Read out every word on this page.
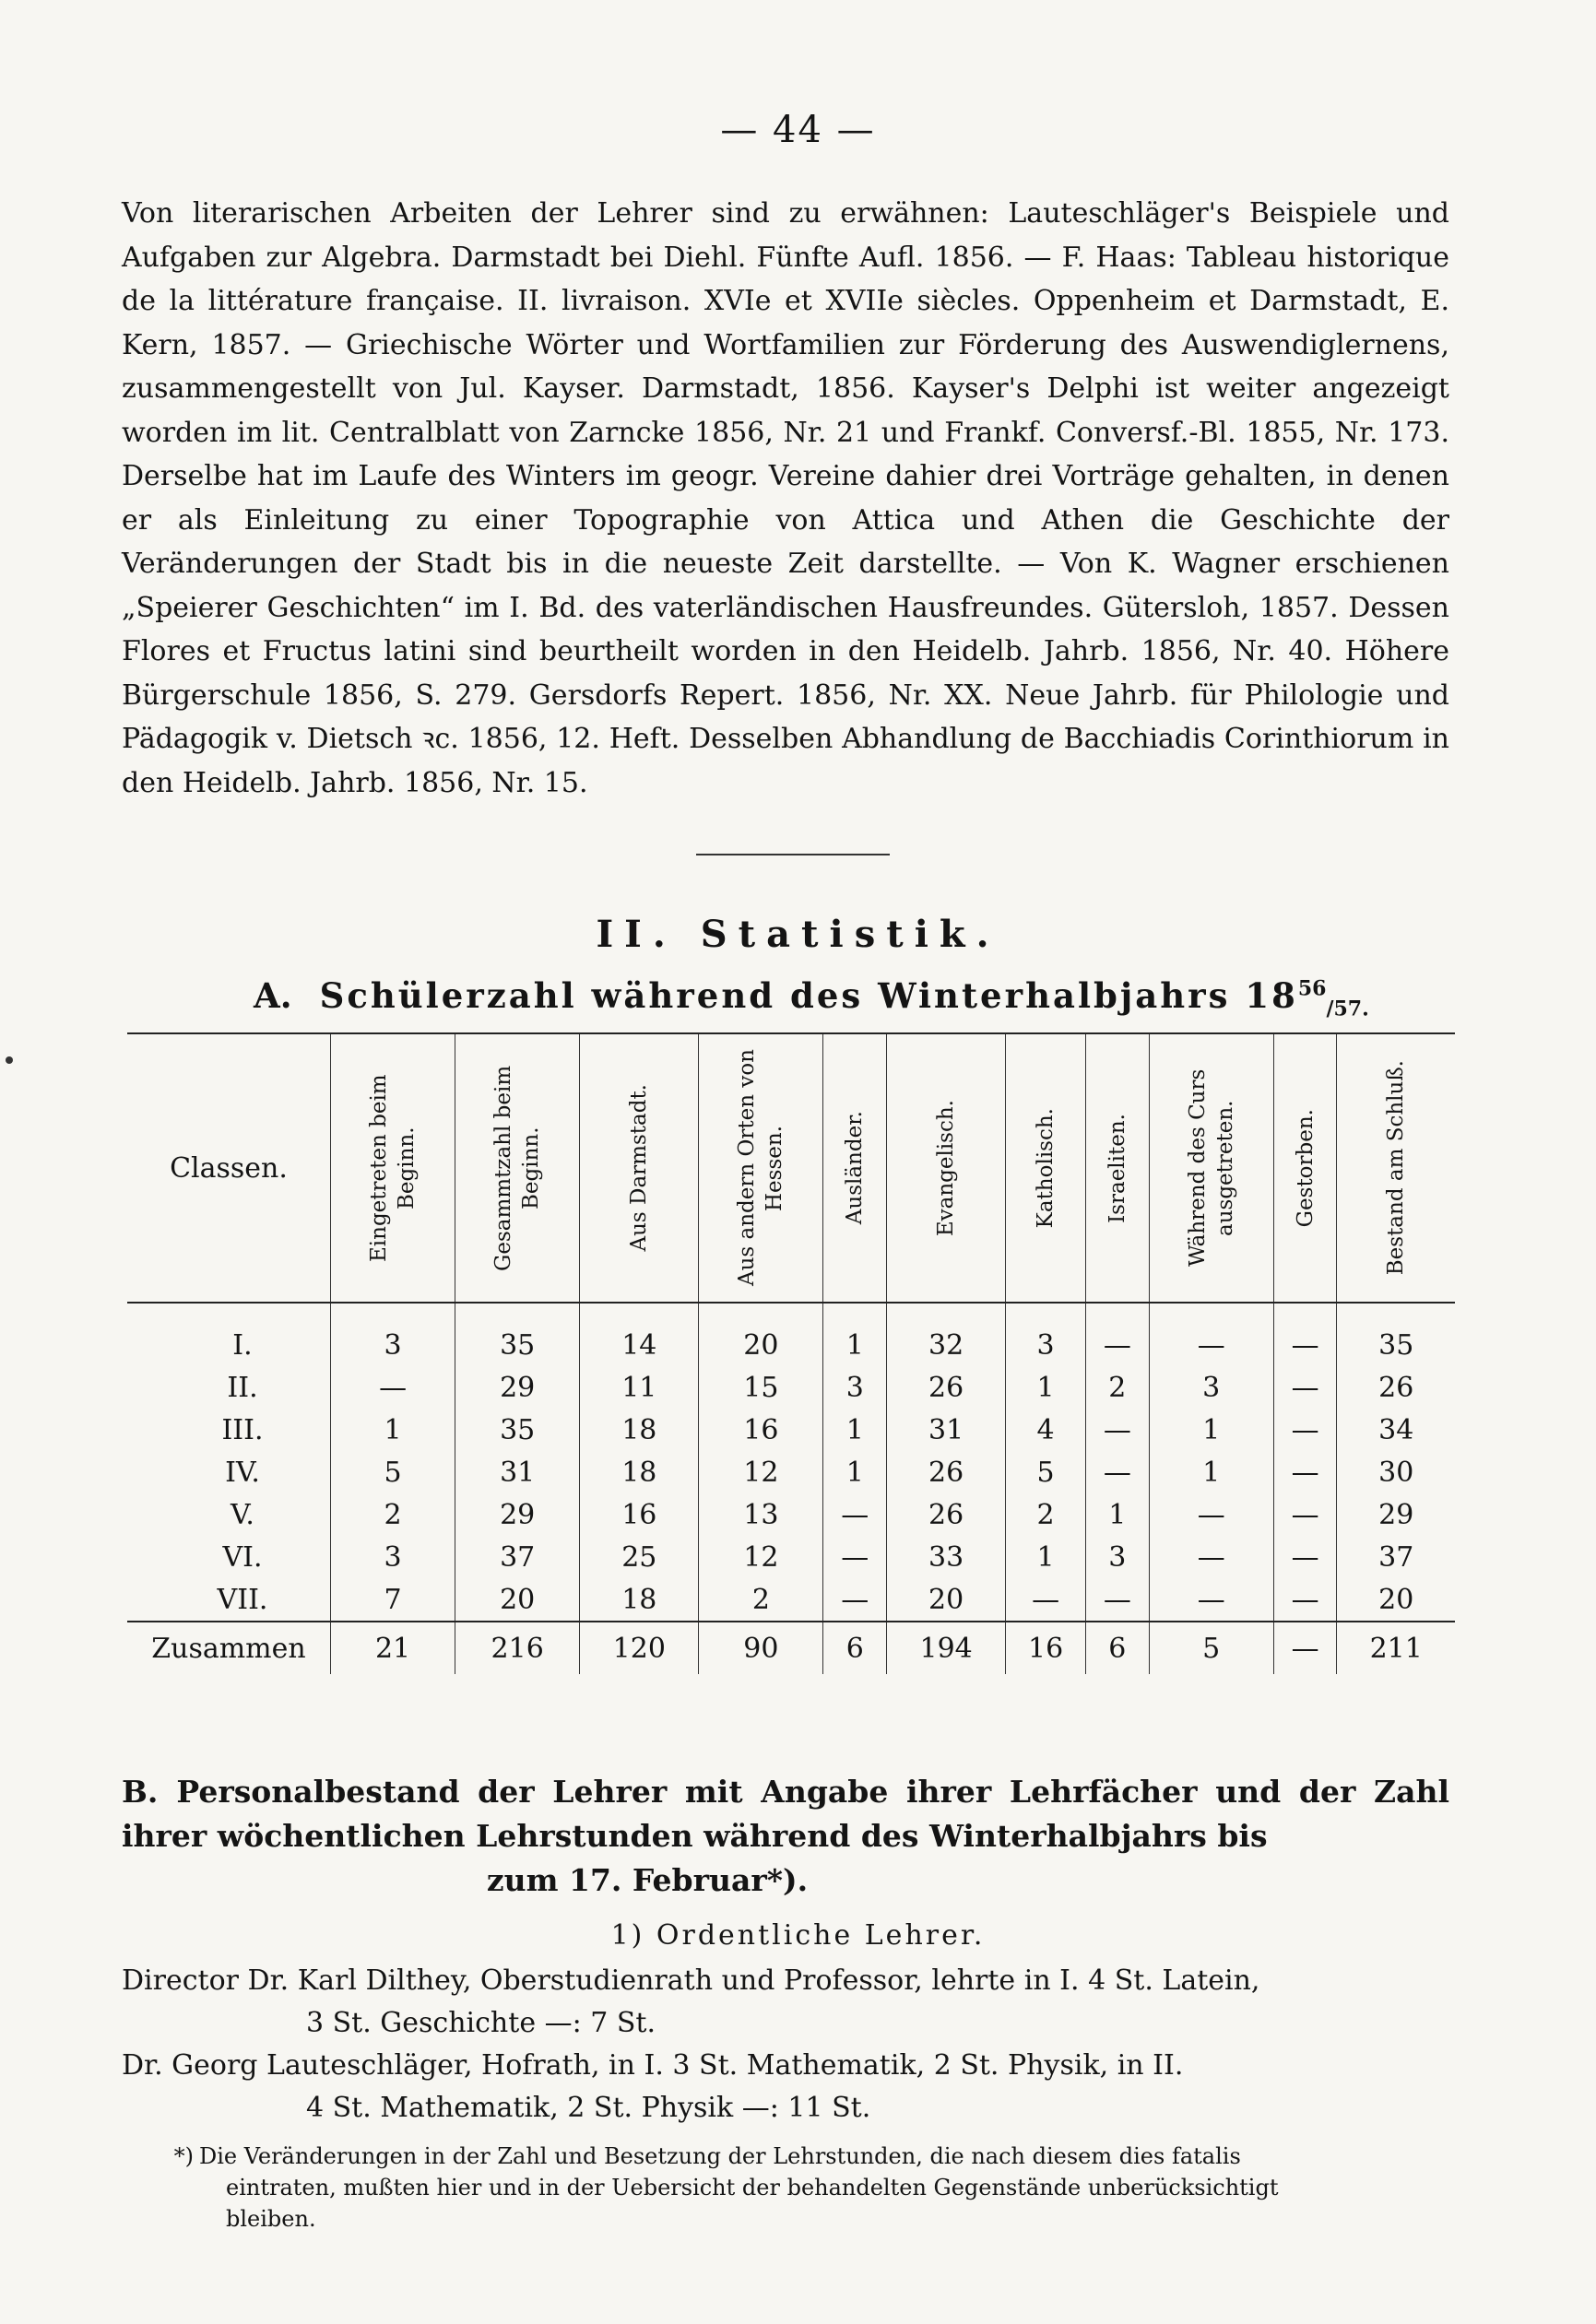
— 44 —

Von literarischen Arbeiten der Lehrer sind zu erwähnen: Lauteschläger's Beispiele und Aufgaben zur Algebra. Darmstadt bei Diehl. Fünfte Aufl. 1856. — F. Haas: Tableau historique de la littérature française. II. livraison. XVIe et XVIIe siècles. Oppenheim et Darmstadt, E. Kern, 1857. — Griechische Wörter und Wortfamilien zur Förderung des Auswendiglernens, zusammengestellt von Jul. Kayser. Darmstadt, 1856. Kayser's Delphi ist weiter angezeigt worden im lit. Centralblatt von Zarncke 1856, Nr. 21 und Frankf. Conversf.-Bl. 1855, Nr. 173. Derselbe hat im Laufe des Winters im geogr. Vereine dahier drei Vorträge gehalten, in denen er als Einleitung zu einer Topographie von Attica und Athen die Geschichte der Veränderungen der Stadt bis in die neueste Zeit darstellte. — Von K. Wagner erschienen „Speierer Geschichten“ im I. Bd. des vaterländischen Hausfreundes. Gütersloh, 1857. Dessen Flores et Fructus latini sind beurtheilt worden in den Heidelb. Jahrb. 1856, Nr. 40. Höhere Bürgerschule 1856, S. 279. Gersdorfs Repert. 1856, Nr. XX. Neue Jahrb. für Philologie und Pädagogik v. Dietsch ꝛc. 1856, 12. Heft. Desselben Abhandlung de Bacchiadis Corinthiorum in den Heidelb. Jahrb. 1856, Nr. 15.

II. Statistik.
A. Schülerzahl während des Winterhalbjahrs $18^{56}_{/57.}$
Classen.	Eingetreten beim Beginn.	Gesammtzahl beim Beginn.	Aus Darmstadt.	Aus andern Orten von Hessen.	Ausländer.	Evangelisch.	Katholisch.	Israeliten.	Während des Curs ausgetreten.	Gestorben.	Bestand am Schluß.

I.	3	35	14	20	1	32	3	—	—	—	35
II.	—	29	11	15	3	26	1	2	3	—	26
III.	1	35	18	16	1	31	4	—	1	—	34
IV.	5	31	18	12	1	26	5	—	1	—	30
V.	2	29	16	13	—	26	2	1	—	—	29
VI.	3	37	25	12	—	33	1	3	—	—	37
VII.	7	20	18	2	—	20	—	—	—	—	20
Zusammen	21	216	120	90	6	194	16	6	5	—	211
B. Personalbestand der Lehrer mit Angabe ihrer Lehrfächer und der Zahl ihrer wöchentlichen Lehrstunden während des Winterhalbjahrs bis
zum 17. Februar*).
1) Ordentliche Lehrer.
Director Dr. Karl Dilthey, Oberstudienrath und Professor, lehrte in I. 4 St. Latein,
3 St. Geschichte —: 7 St.
Dr. Georg Lauteschläger, Hofrath, in I. 3 St. Mathematik, 2 St. Physik, in II.
4 St. Mathematik, 2 St. Physik —: 11 St.
*) Die Veränderungen in der Zahl und Besetzung der Lehrstunden, die nach diesem dies fatalis
eintraten, mußten hier und in der Uebersicht der behandelten Gegenstände unberücksichtigt
bleiben.
